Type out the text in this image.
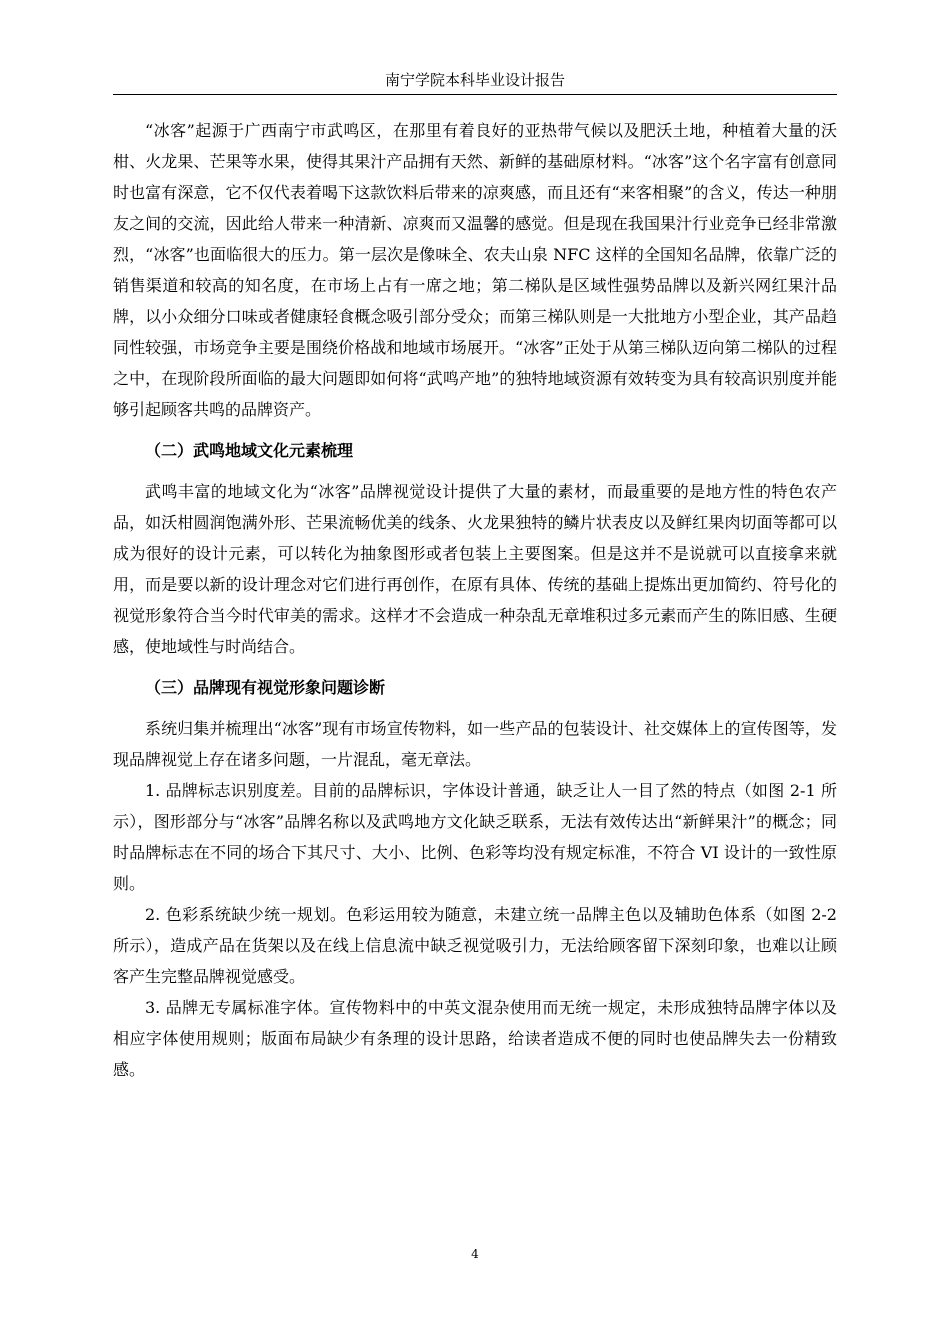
南宁学院本科毕业设计报告

“冰客”起源于广西南宁市武鸣区，在那里有着良好的亚热带气候以及肥沃土地，种植着大量的沃柑、火龙果、芒果等水果，使得其果汁产品拥有天然、新鲜的基础原材料。“冰客”这个名字富有创意同时也富有深意，它不仅代表着喝下这款饮料后带来的凉爽感，而且还有“来客相聚”的含义，传达一种朋友之间的交流，因此给人带来一种清新、凉爽而又温馨的感觉。但是现在我国果汁行业竞争已经非常激烈，“冰客”也面临很大的压力。第一层次是像味全、农夫山泉 NFC 这样的全国知名品牌，依靠广泛的销售渠道和较高的知名度，在市场上占有一席之地；第二梯队是区域性强势品牌以及新兴网红果汁品牌，以小众细分口味或者健康轻食概念吸引部分受众；而第三梯队则是一大批地方小型企业，其产品趋同性较强，市场竞争主要是围绕价格战和地域市场展开。“冰客”正处于从第三梯队迈向第二梯队的过程之中，在现阶段所面临的最大问题即如何将“武鸣产地”的独特地域资源有效转变为具有较高识别度并能够引起顾客共鸣的品牌资产。

（二）武鸣地域文化元素梳理

武鸣丰富的地域文化为“冰客”品牌视觉设计提供了大量的素材，而最重要的是地方性的特色农产品，如沃柑圆润饱满外形、芒果流畅优美的线条、火龙果独特的鳞片状表皮以及鲜红果肉切面等都可以成为很好的设计元素，可以转化为抽象图形或者包装上主要图案。但是这并不是说就可以直接拿来就用，而是要以新的设计理念对它们进行再创作，在原有具体、传统的基础上提炼出更加简约、符号化的视觉形象符合当今时代审美的需求。这样才不会造成一种杂乱无章堆积过多元素而产生的陈旧感、生硬感，使地域性与时尚结合。

（三）品牌现有视觉形象问题诊断

系统归集并梳理出“冰客”现有市场宣传物料，如一些产品的包装设计、社交媒体上的宣传图等，发现品牌视觉上存在诸多问题，一片混乱，毫无章法。

1. 品牌标志识别度差。目前的品牌标识，字体设计普通，缺乏让人一目了然的特点（如图 2-1 所示），图形部分与“冰客”品牌名称以及武鸣地方文化缺乏联系，无法有效传达出“新鲜果汁”的概念；同时品牌标志在不同的场合下其尺寸、大小、比例、色彩等均没有规定标准，不符合 VI 设计的一致性原则。

2. 色彩系统缺少统一规划。色彩运用较为随意，未建立统一品牌主色以及辅助色体系（如图 2-2 所示），造成产品在货架以及在线上信息流中缺乏视觉吸引力，无法给顾客留下深刻印象，也难以让顾客产生完整品牌视觉感受。

3. 品牌无专属标准字体。宣传物料中的中英文混杂使用而无统一规定，未形成独特品牌字体以及相应字体使用规则；版面布局缺少有条理的设计思路，给读者造成不便的同时也使品牌失去一份精致感。

4
